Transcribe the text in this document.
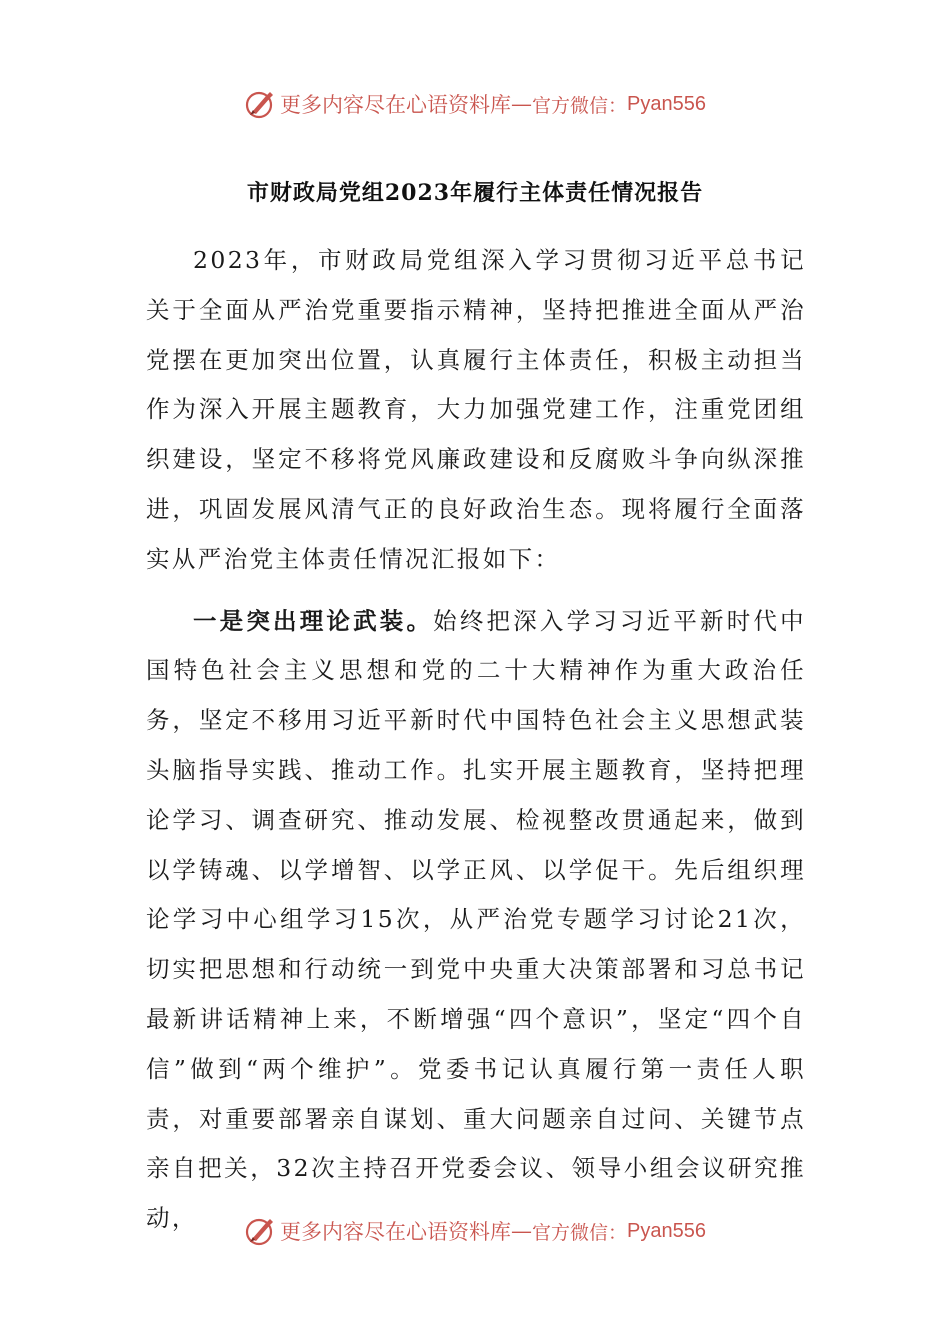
更多内容尽在心语资料库 — 官方微信： Pyan556
市财政局党组2023年履行主体责任情况报告

2023年，市财政局党组深入学习贯彻习近平总书记关于全面从严治党重要指示精神，坚持把推进全面从严治党摆在更加突出位置，认真履行主体责任，积极主动担当作为深入开展主题教育，大力加强党建工作，注重党团组织建设，坚定不移将党风廉政建设和反腐败斗争向纵深推进，巩固发展风清气正的良好政治生态。现将履行全面落实从严治党主体责任情况汇报如下：

一是突出理论武装。始终把深入学习习近平新时代中国特色社会主义思想和党的二十大精神作为重大政治任务，坚定不移用习近平新时代中国特色社会主义思想武装头脑指导实践、推动工作。扎实开展主题教育，坚持把理论学习、调查研究、推动发展、检视整改贯通起来，做到以学铸魂、以学增智、以学正风、以学促干。先后组织理论学习中心组学习15次，从严治党专题学习讨论21次，切实把思想和行动统一到党中央重大决策部署和习总书记最新讲话精神上来，不断增强“四个意识”，坚定“四个自信”做到“两个维护”。党委书记认真履行第一责任人职责，对重要部署亲自谋划、重大问题亲自过问、关键节点亲自把关，32次主持召开党委会议、领导小组会议研究推动，	更多内容尽在心语资料库 — 官方微信： Pyan556
